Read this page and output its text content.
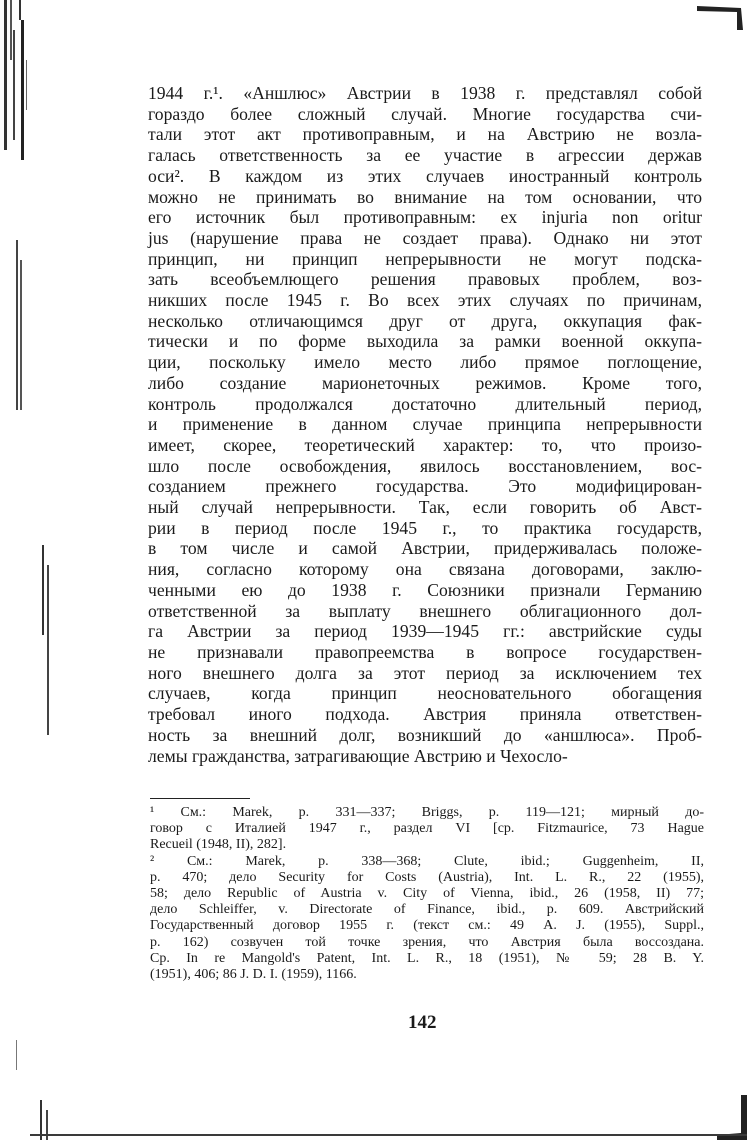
1944 г.¹. «Аншлюс» Австрии в 1938 г. представлял собой
гораздо более сложный случай. Многие государства счи-
тали этот акт противоправным, и на Австрию не возла-
галась ответственность за ее участие в агрессии держав
оси². В каждом из этих случаев иностранный контроль
можно не принимать во внимание на том основании, что
его источник был противоправным: ex injuria non oritur
jus (нарушение права не создает права). Однако ни этот
принцип, ни принцип непрерывности не могут подска-
зать всеобъемлющего решения правовых проблем, воз-
никших после 1945 г. Во всех этих случаях по причинам,
несколько отличающимся друг от друга, оккупация фак-
тически и по форме выходила за рамки военной оккупа-
ции, поскольку имело место либо прямое поглощение,
либо создание марионеточных режимов. Кроме того,
контроль продолжался достаточно длительный период,
и применение в данном случае принципа непрерывности
имеет, скорее, теоретический характер: то, что произо-
шло после освобождения, явилось восстановлением, вос-
созданием прежнего государства. Это модифицирован-
ный случай непрерывности. Так, если говорить об Авст-
рии в период после 1945 г., то практика государств,
в том числе и самой Австрии, придерживалась положе-
ния, согласно которому она связана договорами, заклю-
ченными ею до 1938 г. Союзники признали Германию
ответственной за выплату внешнего облигационного дол-
га Австрии за период 1939—1945 гг.: австрийские суды
не признавали правопреемства в вопросе государствен-
ного внешнего долга за этот период за исключением тех
случаев, когда принцип неосновательного обогащения
требовал иного подхода. Австрия приняла ответствен-
ность за внешний долг, возникший до «аншлюса». Проб-
лемы гражданства, затрагивающие Австрию и Чехосло-
¹ См.: Marek, p. 331—337; Briggs, p. 119—121; мирный до-
говор с Италией 1947 г., раздел VI [ср. Fitzmaurice, 73 Hague
Recueil (1948, II), 282].
² См.: Marek, p. 338—368; Clute, ibid.; Guggenheim, II,
p. 470; дело Security for Costs (Austria), Int. L. R., 22 (1955),
58; дело Republic of Austria v. City of Vienna, ibid., 26 (1958, II) 77;
дело Schleiffer, v. Directorate of Finance, ibid., p. 609. Австрийский
Государственный договор 1955 г. (текст см.: 49 A. J. (1955), Suppl.,
p. 162) созвучен той точке зрения, что Австрия была воссоздана.
Ср. In re Mangold's Patent, Int. L. R., 18 (1951), № 59; 28 B. Y.
(1951), 406; 86 J. D. I. (1959), 1166.
142
